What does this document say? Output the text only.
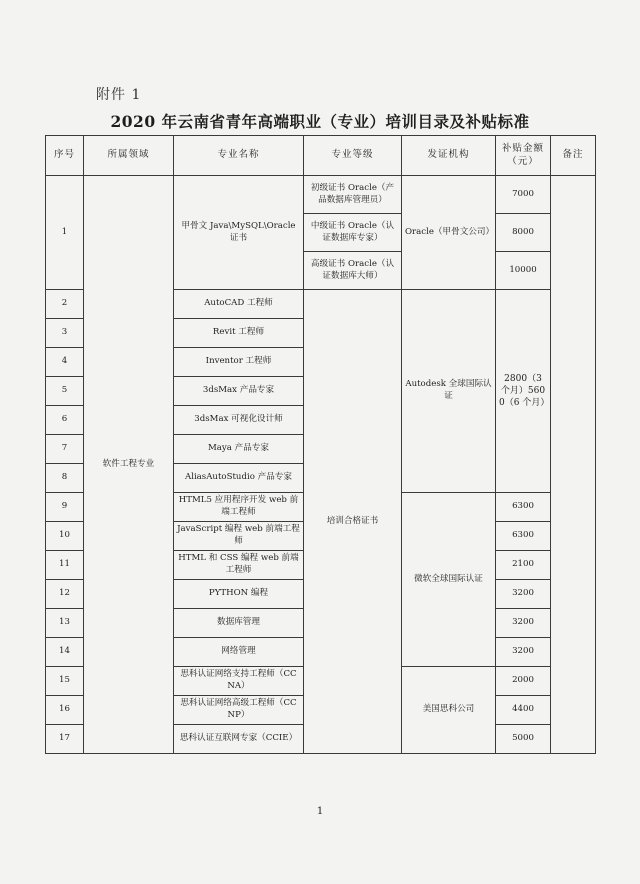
附件 1
2020 年云南省青年高端职业（专业）培训目录及补贴标准
序号	所属领域	专业名称	专业等级	发证机构	补贴金额（元）	备注
1	软件工程专业	甲骨文 Java\MySQL\Oracle 证书	初级证书 Oracle（产品数据库管理员）	Oracle（甲骨文公司）	7000	
			中级证书 Oracle（认证数据库专家）		8000	
			高级证书 Oracle（认证数据库大师）		10000	
2		AutoCAD 工程师	培训合格证书	Autodesk 全球国际认证	2800（3 个月）5600（6 个月）	
3		Revit 工程师				
4		Inventor 工程师				
5		3dsMax 产品专家				
6		3dsMax 可视化设计师				
7		Maya 产品专家				
8		AliasAutoStudio 产品专家				
9		HTML5 应用程序开发 web 前端工程师		微软全球国际认证	6300	
10		JavaScript 编程 web 前端工程师			6300	
11		HTML 和 CSS 编程 web 前端工程师			2100	
12		PYTHON 编程			3200	
13		数据库管理			3200	
14		网络管理			3200	
15		思科认证网络支持工程师（CCNA）		美国思科公司	2000	
16		思科认证网络高级工程师（CCNP）			4400	
17		思科认证互联网专家（CCIE）			5000	
1
